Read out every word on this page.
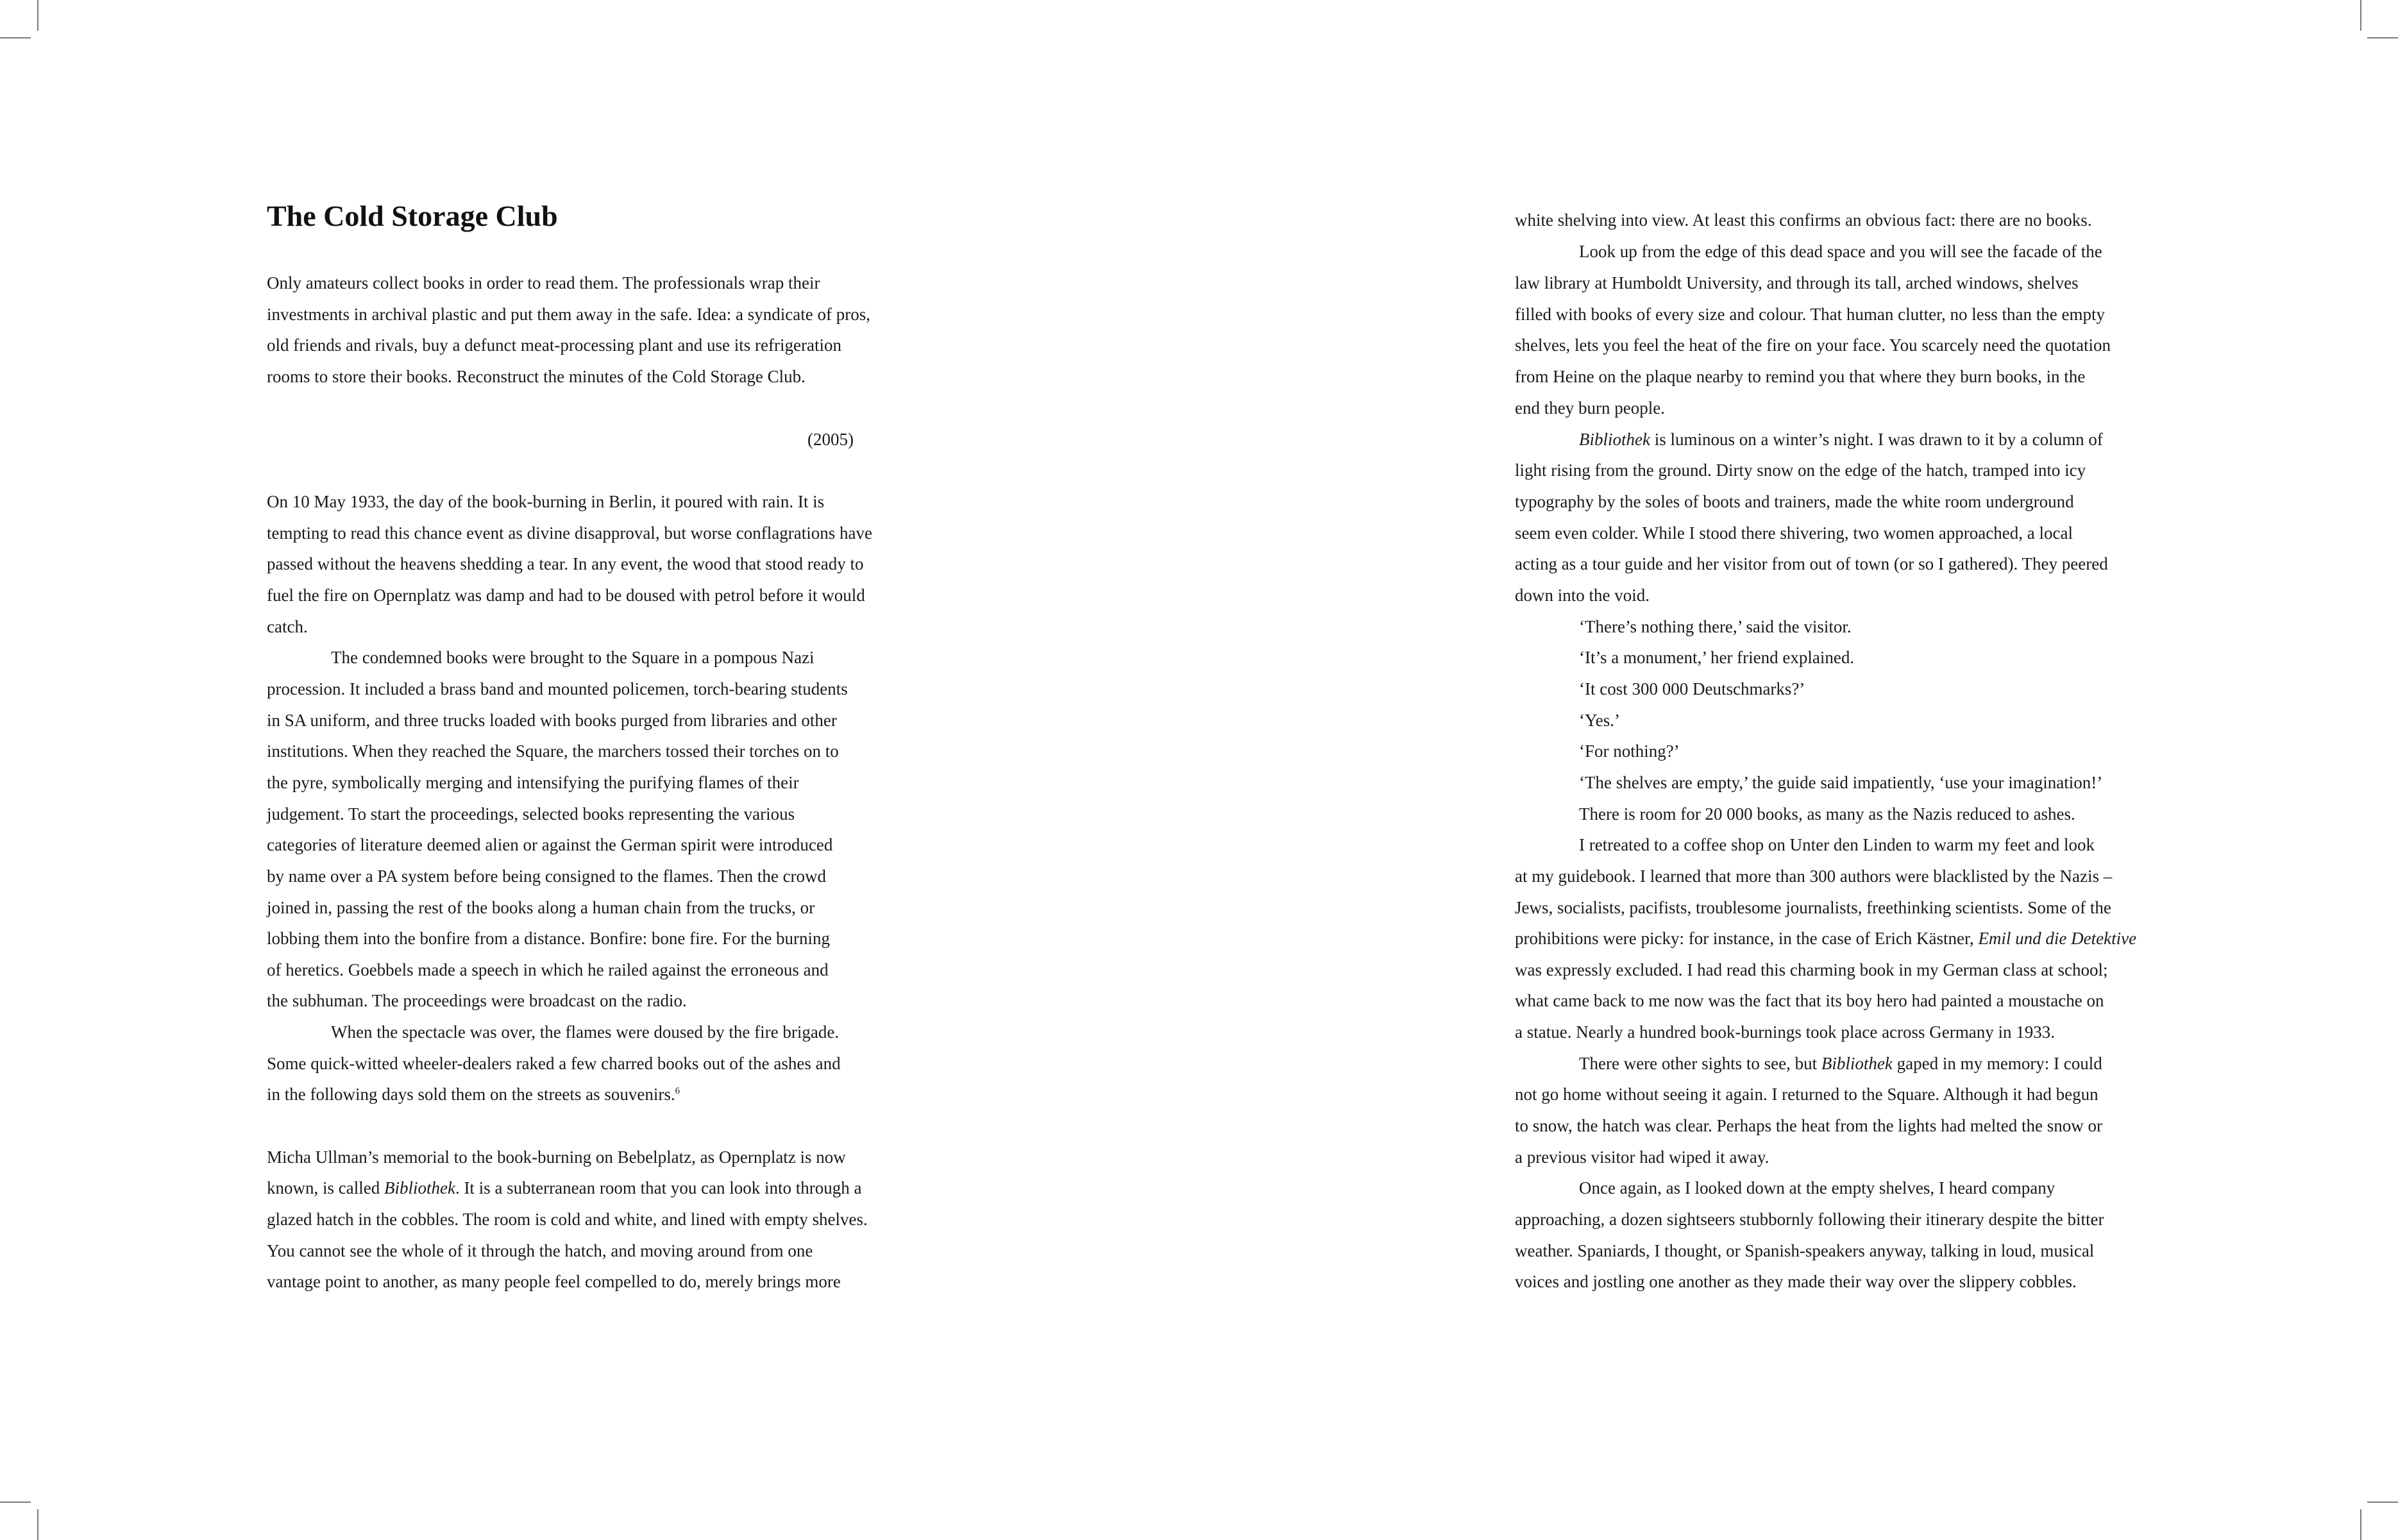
The Cold Storage Club
Only amateurs collect books in order to read them. The professionals wrap their
investments in archival plastic and put them away in the safe. Idea: a syndicate of pros,
old friends and rivals, buy a defunct meat-processing plant and use its refrigeration
rooms to store their books. Reconstruct the minutes of the Cold Storage Club.
(2005)
On 10 May 1933, the day of the book-burning in Berlin, it poured with rain. It is
tempting to read this chance event as divine disapproval, but worse conflagrations have
passed without the heavens shedding a tear. In any event, the wood that stood ready to
fuel the fire on Opernplatz was damp and had to be doused with petrol before it would
catch.
The condemned books were brought to the Square in a pompous Nazi
procession. It included a brass band and mounted policemen, torch-bearing students
in SA uniform, and three trucks loaded with books purged from libraries and other
institutions. When they reached the Square, the marchers tossed their torches on to
the pyre, symbolically merging and intensifying the purifying flames of their
judgement. To start the proceedings, selected books representing the various
categories of literature deemed alien or against the German spirit were introduced
by name over a PA system before being consigned to the flames. Then the crowd
joined in, passing the rest of the books along a human chain from the trucks, or
lobbing them into the bonfire from a distance. Bonfire: bone fire. For the burning
of heretics. Goebbels made a speech in which he railed against the erroneous and
the subhuman. The proceedings were broadcast on the radio.
When the spectacle was over, the flames were doused by the fire brigade.
Some quick-witted wheeler-dealers raked a few charred books out of the ashes and
in the following days sold them on the streets as souvenirs.$^6$
Micha Ullman’s memorial to the book-burning on Bebelplatz, as Opernplatz is now
known, is called Bibliothek. It is a subterranean room that you can look into through a
glazed hatch in the cobbles. The room is cold and white, and lined with empty shelves.
You cannot see the whole of it through the hatch, and moving around from one
vantage point to another, as many people feel compelled to do, merely brings more
white shelving into view. At least this confirms an obvious fact: there are no books.
Look up from the edge of this dead space and you will see the facade of the
law library at Humboldt University, and through its tall, arched windows, shelves
filled with books of every size and colour. That human clutter, no less than the empty
shelves, lets you feel the heat of the fire on your face. You scarcely need the quotation
from Heine on the plaque nearby to remind you that where they burn books, in the
end they burn people.
Bibliothek is luminous on a winter’s night. I was drawn to it by a column of
light rising from the ground. Dirty snow on the edge of the hatch, tramped into icy
typography by the soles of boots and trainers, made the white room underground
seem even colder. While I stood there shivering, two women approached, a local
acting as a tour guide and her visitor from out of town (or so I gathered). They peered
down into the void.
‘There’s nothing there,’ said the visitor.
‘It’s a monument,’ her friend explained.
‘It cost 300 000 Deutschmarks?’
‘Yes.’
‘For nothing?’
‘The shelves are empty,’ the guide said impatiently, ‘use your imagination!’
There is room for 20 000 books, as many as the Nazis reduced to ashes.
I retreated to a coffee shop on Unter den Linden to warm my feet and look
at my guidebook. I learned that more than 300 authors were blacklisted by the Nazis –
Jews, socialists, pacifists, troublesome journalists, freethinking scientists. Some of the
prohibitions were picky: for instance, in the case of Erich Kästner, Emil und die Detektive
was expressly excluded. I had read this charming book in my German class at school;
what came back to me now was the fact that its boy hero had painted a moustache on
a statue. Nearly a hundred book-burnings took place across Germany in 1933.
There were other sights to see, but Bibliothek gaped in my memory: I could
not go home without seeing it again. I returned to the Square. Although it had begun
to snow, the hatch was clear. Perhaps the heat from the lights had melted the snow or
a previous visitor had wiped it away.
Once again, as I looked down at the empty shelves, I heard company
approaching, a dozen sightseers stubbornly following their itinerary despite the bitter
weather. Spaniards, I thought, or Spanish-speakers anyway, talking in loud, musical
voices and jostling one another as they made their way over the slippery cobbles.
